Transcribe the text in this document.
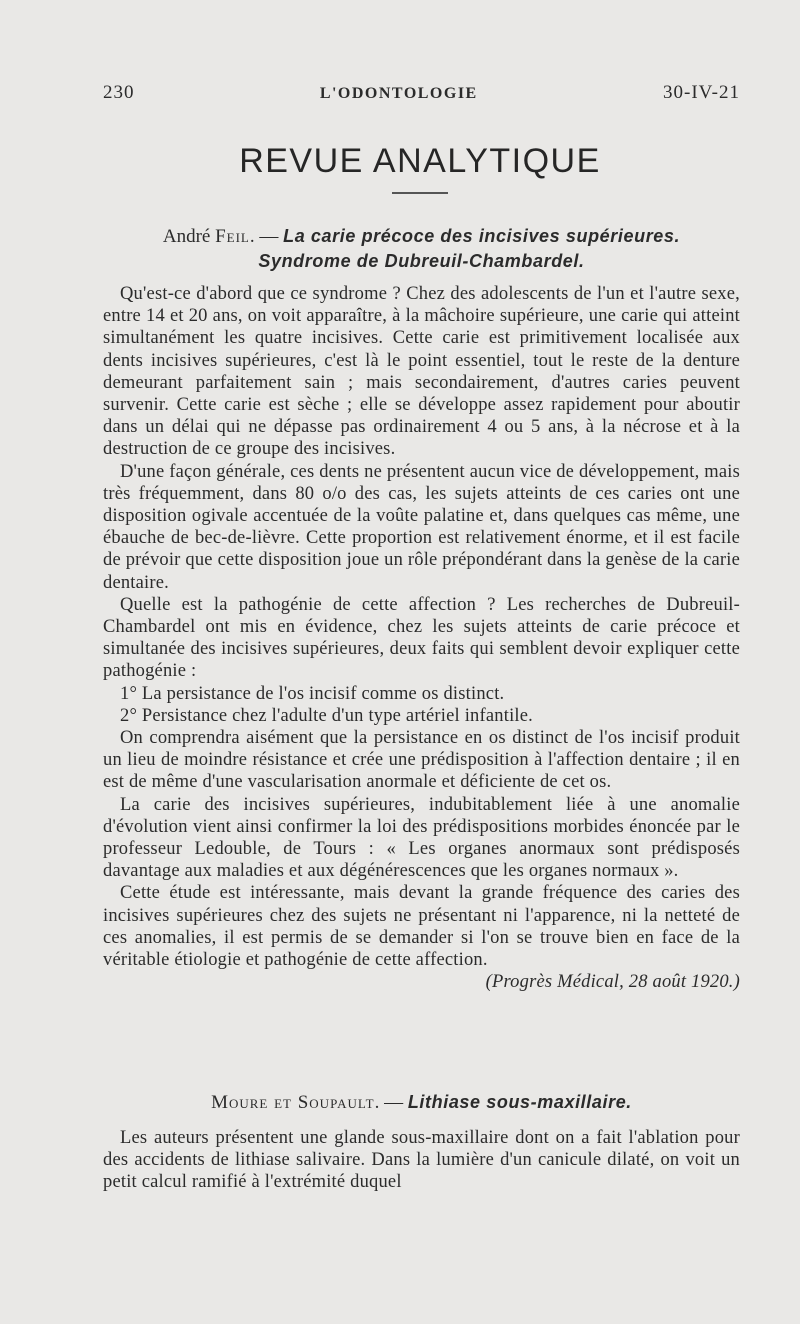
230	L'ODONTOLOGIE	30-IV-21
REVUE ANALYTIQUE
André Feil. — La carie précoce des incisives supérieures.
Syndrome de Dubreuil-Chambardel.

Qu'est-ce d'abord que ce syndrome ? Chez des adolescents de l'un et l'autre sexe, entre 14 et 20 ans, on voit apparaître, à la mâchoire supérieure, une carie qui atteint simultanément les quatre incisives. Cette carie est primitivement localisée aux dents incisives supérieures, c'est là le point essentiel, tout le reste de la denture demeurant parfaitement sain ; mais secondairement, d'autres caries peuvent survenir. Cette carie est sèche ; elle se développe assez rapidement pour aboutir dans un délai qui ne dépasse pas ordinairement 4 ou 5 ans, à la nécrose et à la destruction de ce groupe des incisives.

D'une façon générale, ces dents ne présentent aucun vice de développement, mais très fréquemment, dans 80 o/o des cas, les sujets atteints de ces caries ont une disposition ogivale accentuée de la voûte palatine et, dans quelques cas même, une ébauche de bec-de-lièvre. Cette proportion est relativement énorme, et il est facile de prévoir que cette disposition joue un rôle prépondérant dans la genèse de la carie dentaire.

Quelle est la pathogénie de cette affection ? Les recherches de Dubreuil-Chambardel ont mis en évidence, chez les sujets atteints de carie précoce et simultanée des incisives supérieures, deux faits qui semblent devoir expliquer cette pathogénie :

1° La persistance de l'os incisif comme os distinct.

2° Persistance chez l'adulte d'un type artériel infantile.

On comprendra aisément que la persistance en os distinct de l'os incisif produit un lieu de moindre résistance et crée une prédisposition à l'affection dentaire ; il en est de même d'une vascularisation anormale et déficiente de cet os.

La carie des incisives supérieures, indubitablement liée à une anomalie d'évolution vient ainsi confirmer la loi des prédispositions morbides énoncée par le professeur Ledouble, de Tours : « Les organes anormaux sont prédisposés davantage aux maladies et aux dégénérescences que les organes normaux ».

Cette étude est intéressante, mais devant la grande fréquence des caries des incisives supérieures chez des sujets ne présentant ni l'apparence, ni la netteté de ces anomalies, il est permis de se demander si l'on se trouve bien en face de la véritable étiologie et pathogénie de cette affection.
(Progrès Médical, 28 août 1920.)

Moure et Soupault. — Lithiase sous-maxillaire.

Les auteurs présentent une glande sous-maxillaire dont on a fait l'ablation pour des accidents de lithiase salivaire. Dans la lumière d'un canicule dilaté, on voit un petit calcul ramifié à l'extrémité duquel
